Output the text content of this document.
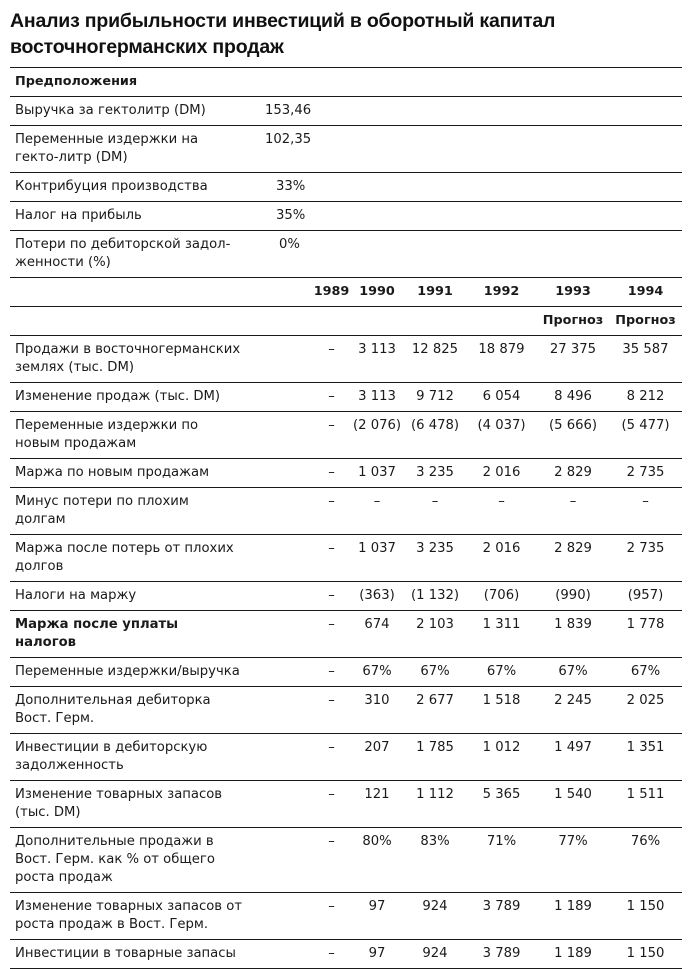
Анализ прибыльности инвестиций в оборотный капитал восточногерманских продаж
Предположения							
Выручка за гектолитр (DM)	153,46						
Переменные издержки на гекто-литр (DM)	102,35						
Контрибуция производства	33%						
Налог на прибыль	35%						
Потери по дебиторской задол-женности (%)	0%						
		1989	1990	1991	1992	1993	1994
						Прогноз	Прогноз
Продажи в восточногерманских землях (тыс. DM)		–	3 113	12 825	18 879	27 375	35 587
Изменение продаж (тыс. DM)		–	3 113	9 712	6 054	8 496	8 212
Переменные издержки по новым продажам		–	(2 076)	(6 478)	(4 037)	(5 666)	(5 477)
Маржа по новым продажам		–	1 037	3 235	2 016	2 829	2 735
Минус потери по плохим долгам		–	–	–	–	–	–
Маржа после потерь от плохих долгов		–	1 037	3 235	2 016	2 829	2 735
Налоги на маржу		–	(363)	(1 132)	(706)	(990)	(957)
Маржа после уплаты налогов		–	674	2 103	1 311	1 839	1 778
Переменные издержки/выручка		–	67%	67%	67%	67%	67%
Дополнительная дебиторка Вост. Герм.		–	310	2 677	1 518	2 245	2 025
Инвестиции в дебиторскую задолженность		–	207	1 785	1 012	1 497	1 351
Изменение товарных запасов (тыс. DM)		–	121	1 112	5 365	1 540	1 511
Дополнительные продажи в Вост. Герм. как % от общего роста продаж		–	80%	83%	71%	77%	76%
Изменение товарных запасов от роста продаж в Вост. Герм.		–	97	924	3 789	1 189	1 150
Инвестиции в товарные запасы		–	97	924	3 789	1 189	1 150
